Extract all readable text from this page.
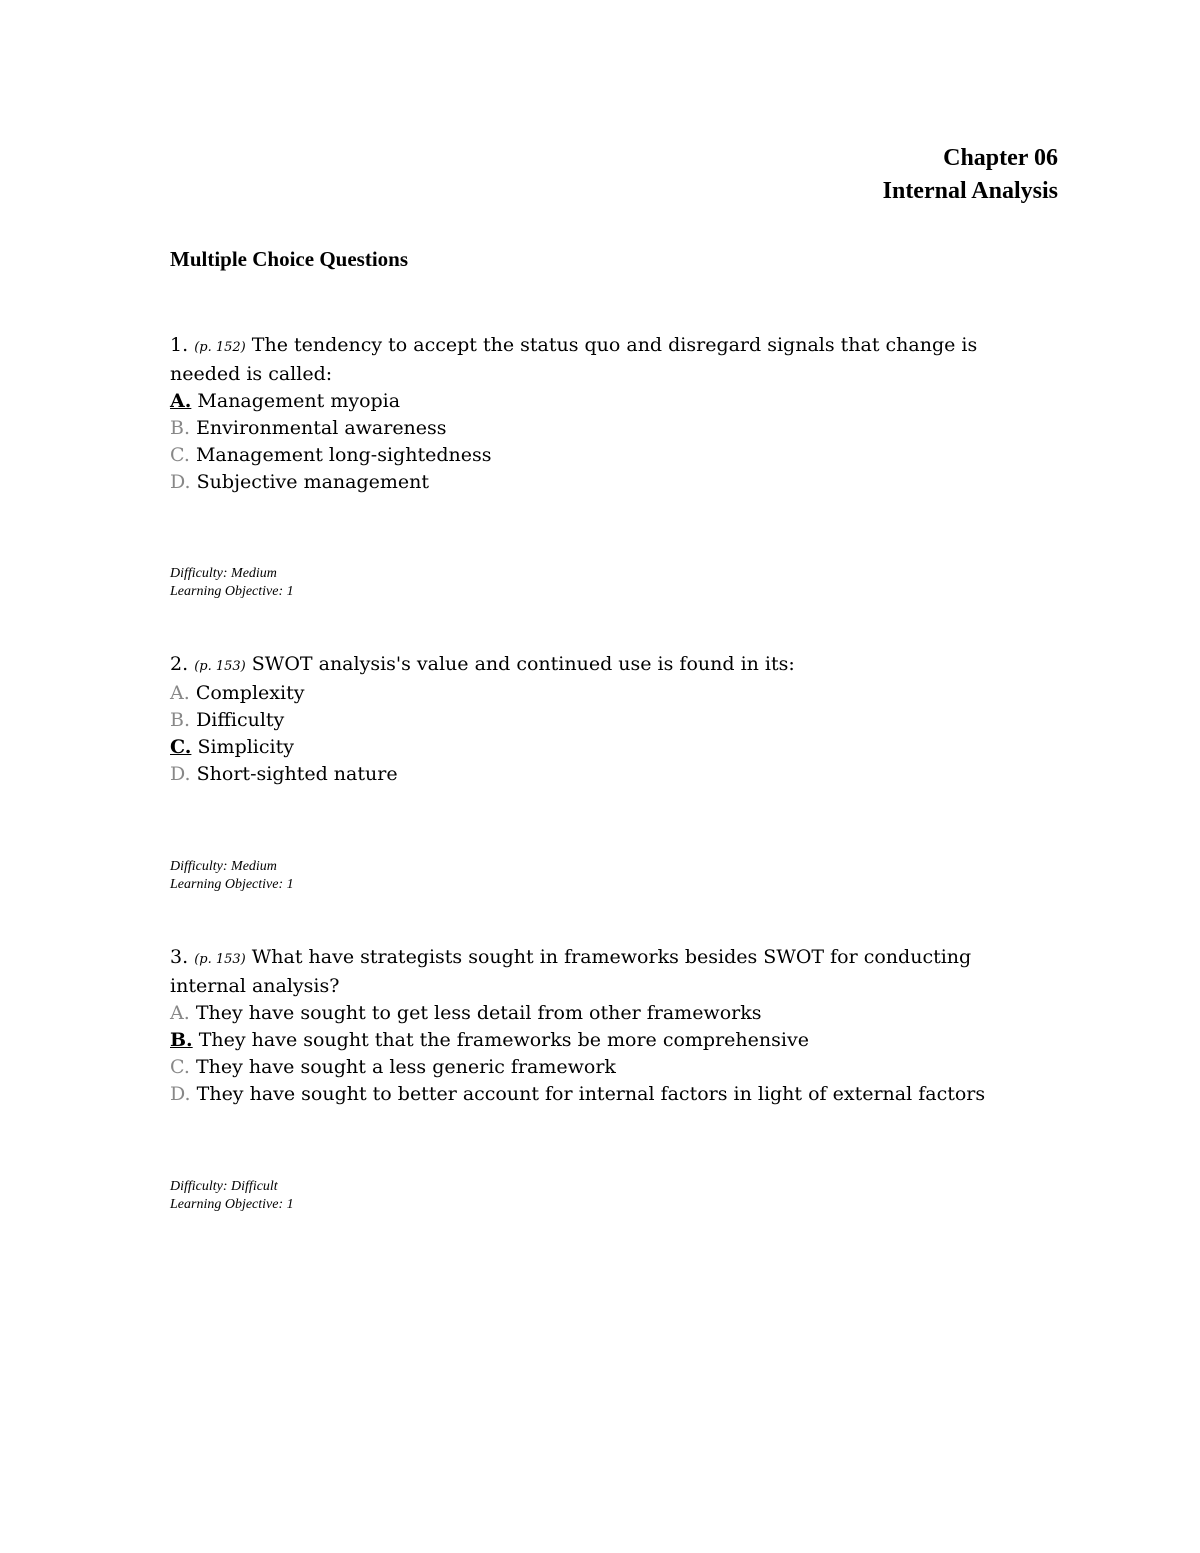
Chapter 06
Internal Analysis
Multiple Choice Questions

1. (p. 152) The tendency to accept the status quo and disregard signals that change is needed is called:

A. Management myopia

B. Environmental awareness

C. Management long-sightedness

D. Subjective management

Difficulty: Medium

Learning Objective: 1

2. (p. 153) SWOT analysis's value and continued use is found in its:

A. Complexity

B. Difficulty

C. Simplicity

D. Short-sighted nature

Difficulty: Medium

Learning Objective: 1

3. (p. 153) What have strategists sought in frameworks besides SWOT for conducting internal analysis?

A. They have sought to get less detail from other frameworks

B. They have sought that the frameworks be more comprehensive

C. They have sought a less generic framework

D. They have sought to better account for internal factors in light of external factors

Difficulty: Difficult

Learning Objective: 1
